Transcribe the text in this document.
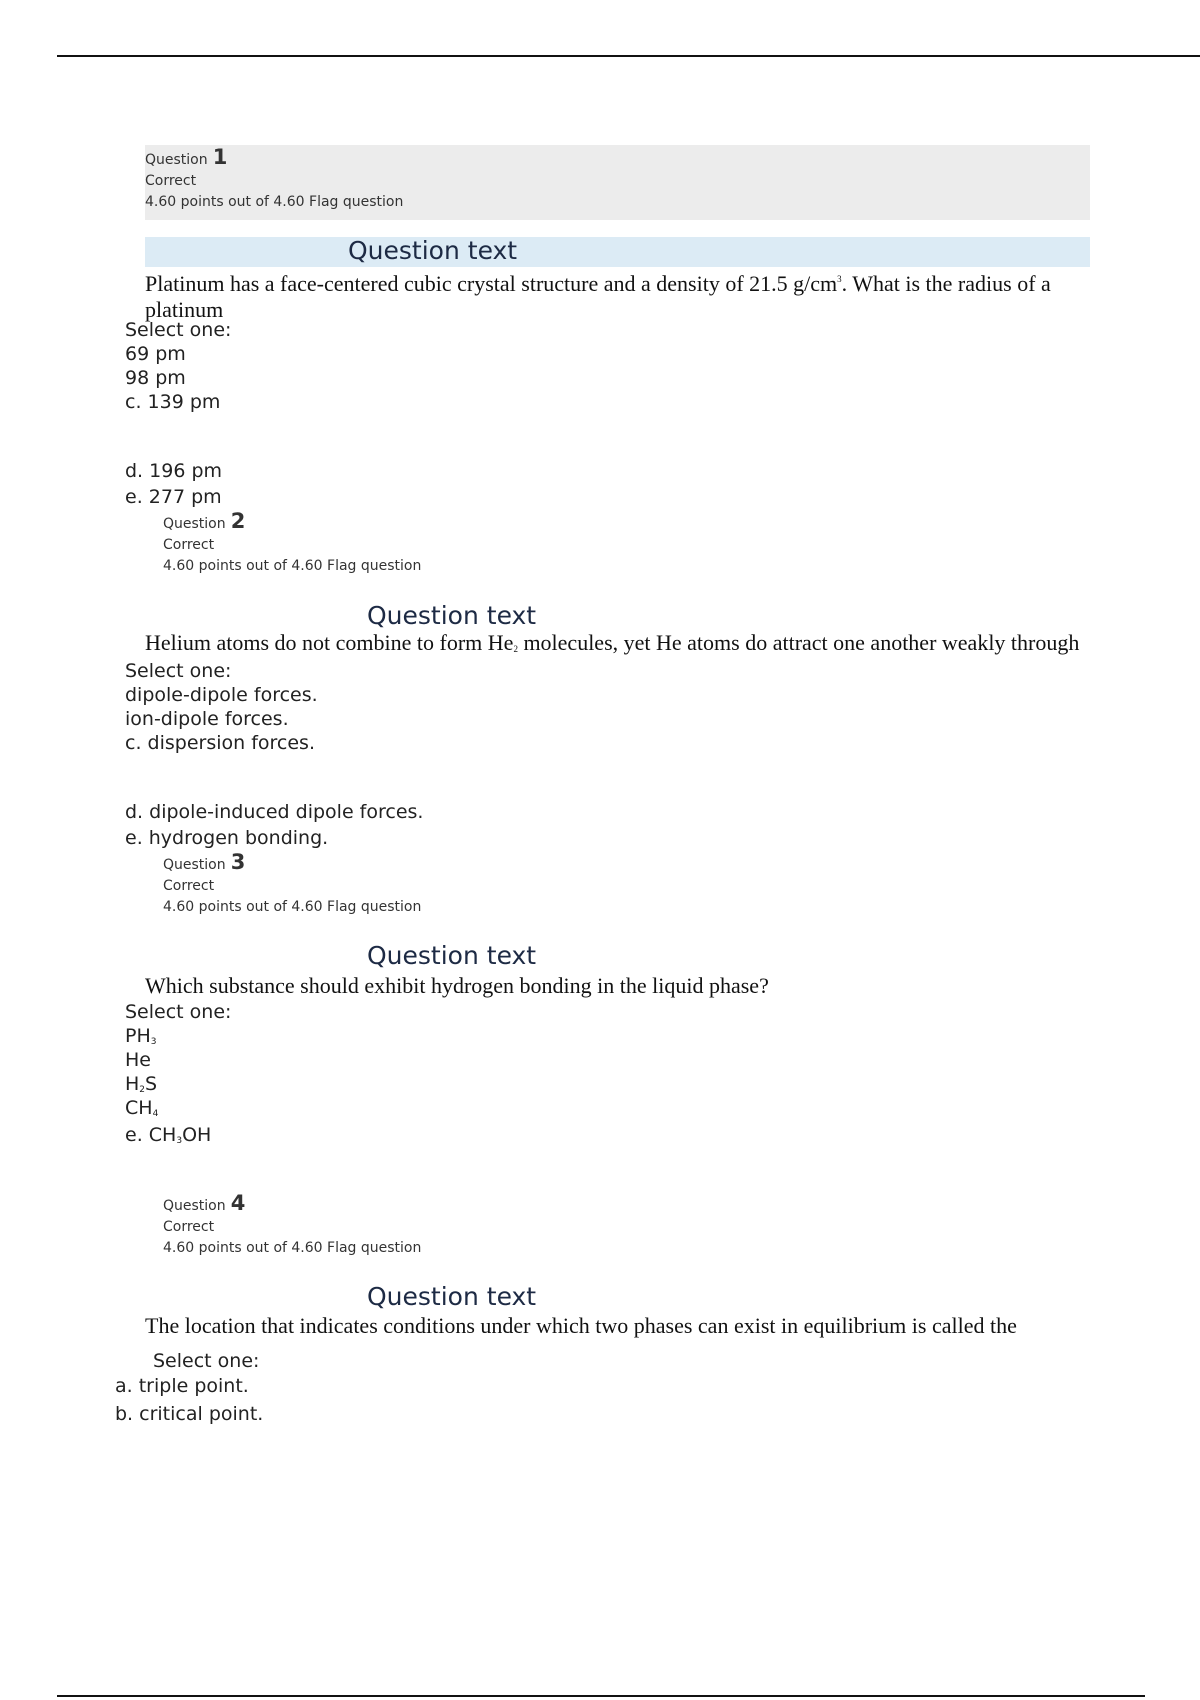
Question 1
Correct
4.60 points out of 4.60 Flag question
Question text
Platinum has a face-centered cubic crystal structure and a density of 21.5 $g/cm^3$. What is the radius of a
platinum
Select one:
69 pm
98 pm
c. 139 pm
d. 196 pm
e. 277 pm
Question 2
Correct
4.60 points out of 4.60 Flag question
Question text
Helium atoms do not combine to form $He_2$ molecules, yet He atoms do attract one another weakly through
Select one:
dipole-dipole forces.
ion-dipole forces.
c. dispersion forces.
d. dipole-induced dipole forces.
e. hydrogen bonding.
Question 3
Correct
4.60 points out of 4.60 Flag question
Question text
Which substance should exhibit hydrogen bonding in the liquid phase?
Select one:
$PH_3$
He
$H_2S$
$CH_4$
e. $CH_3OH$
Question 4
Correct
4.60 points out of 4.60 Flag question
Question text
The location that indicates conditions under which two phases can exist in equilibrium is called the
Select one:
a. triple point.
b. critical point.
